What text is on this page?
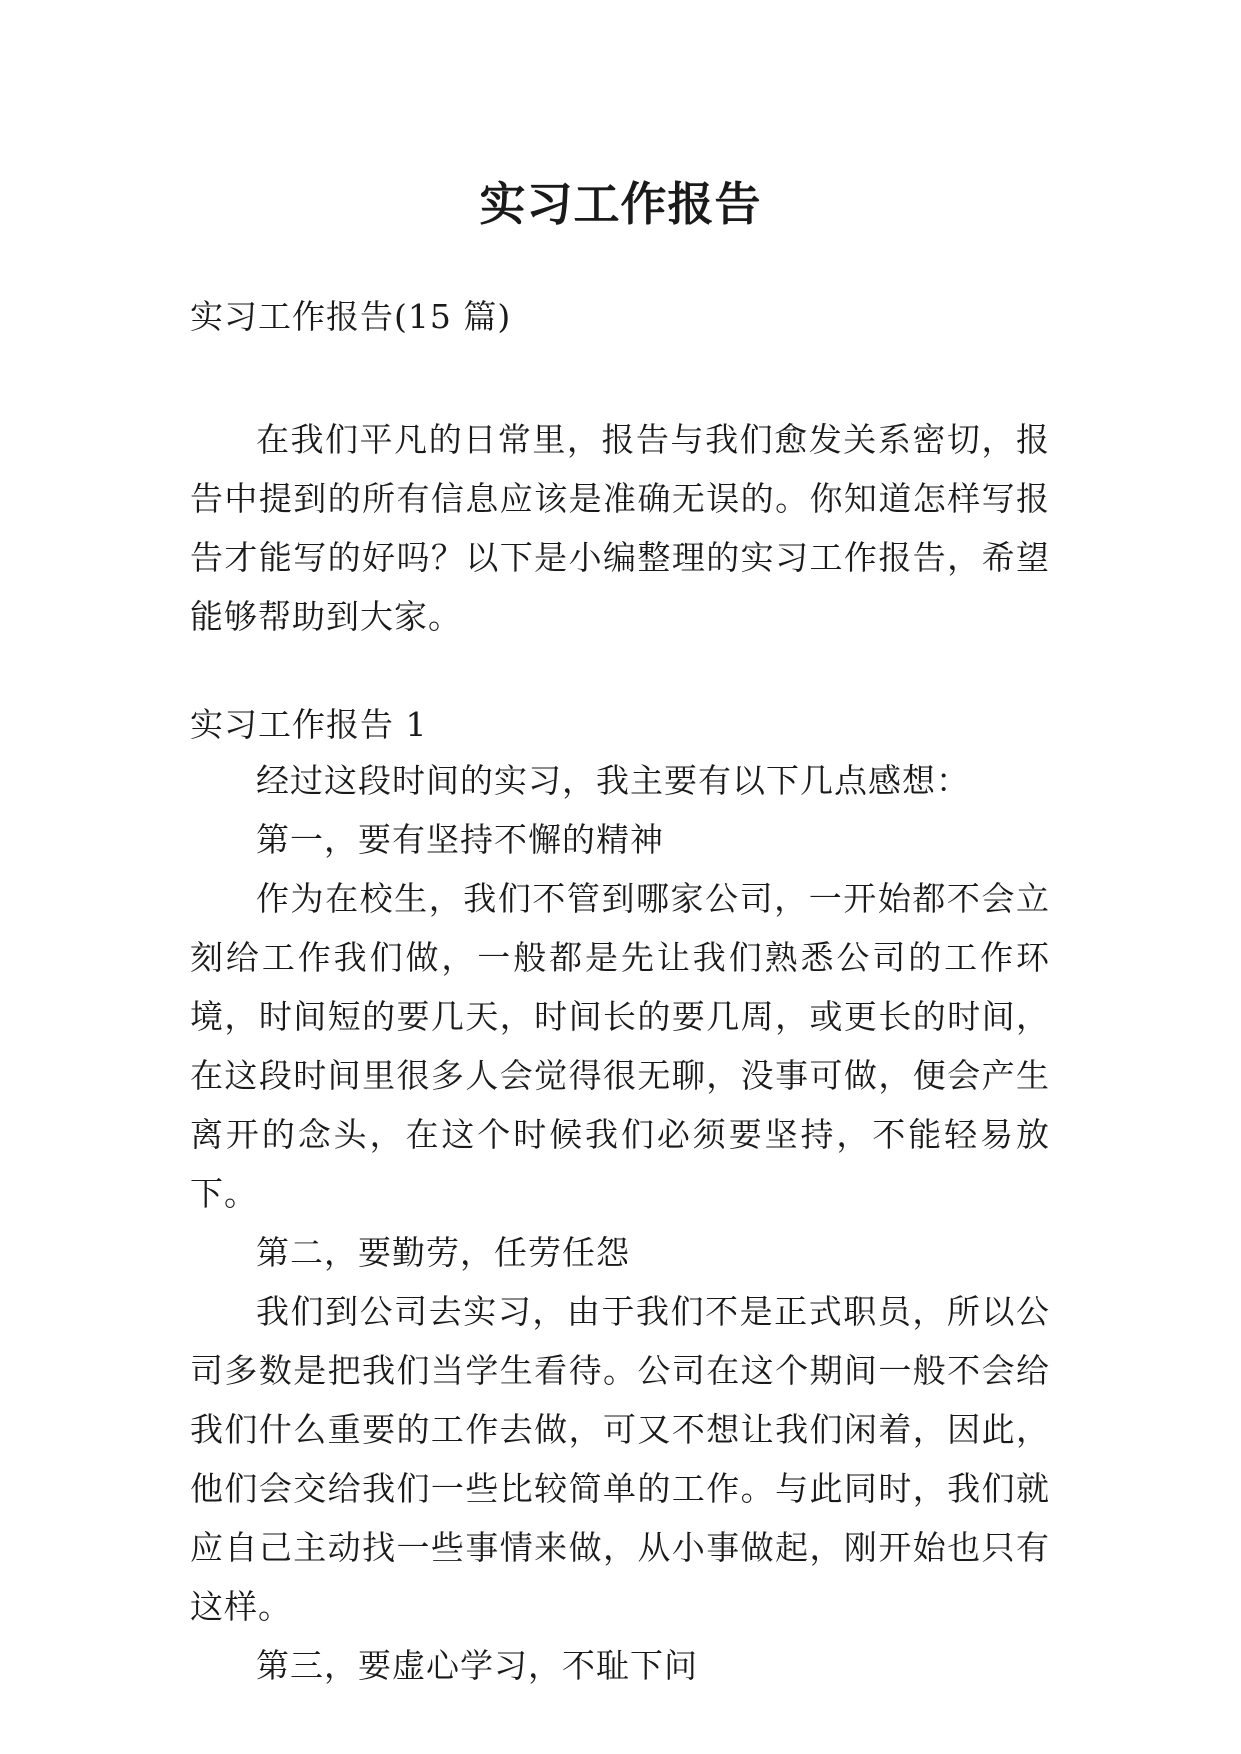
实习工作报告

实习工作报告(15 篇)

在我们平凡的日常里，报告与我们愈发关系密切，报告中提到的所有信息应该是准确无误的。你知道怎样写报告才能写的好吗？以下是小编整理的实习工作报告，希望能够帮助到大家。

实习工作报告 1

经过这段时间的实习，我主要有以下几点感想：

第一，要有坚持不懈的精神

作为在校生，我们不管到哪家公司，一开始都不会立刻给工作我们做，一般都是先让我们熟悉公司的工作环境，时间短的要几天，时间长的要几周，或更长的时间，在这段时间里很多人会觉得很无聊，没事可做，便会产生离开的念头，在这个时候我们必须要坚持，不能轻易放下。

第二，要勤劳，任劳任怨

我们到公司去实习，由于我们不是正式职员，所以公司多数是把我们当学生看待。公司在这个期间一般不会给我们什么重要的工作去做，可又不想让我们闲着，因此，他们会交给我们一些比较简单的工作。与此同时，我们就应自己主动找一些事情来做，从小事做起，刚开始也只有这样。

第三，要虚心学习，不耻下问
